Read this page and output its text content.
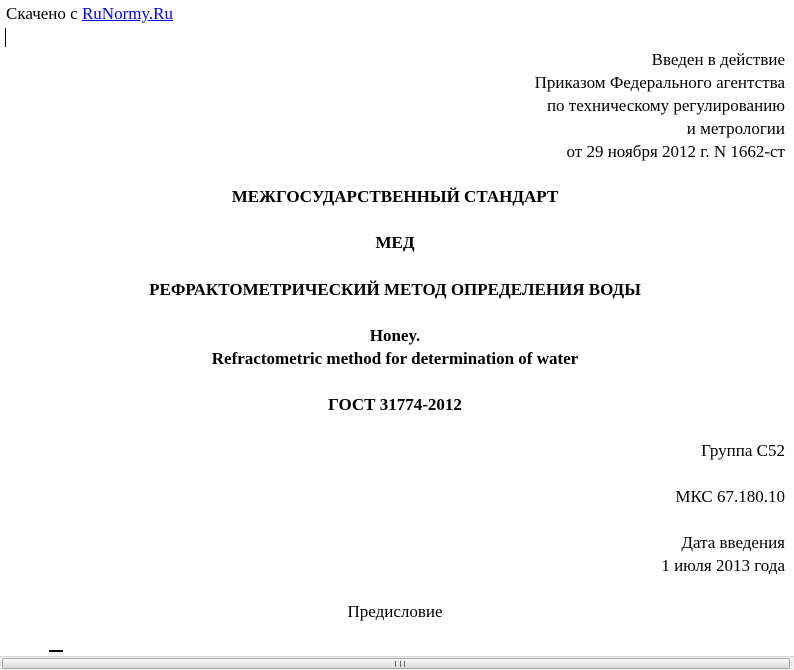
Скачено с RuNormy.Ru
Введен в действие
Приказом Федерального агентства
по техническому регулированию
и метрологии
от 29 ноября 2012 г. N 1662-ст
МЕЖГОСУДАРСТВЕННЫЙ СТАНДАРТ
МЕД
РЕФРАКТОМЕТРИЧЕСКИЙ МЕТОД ОПРЕДЕЛЕНИЯ ВОДЫ
Honey.
Refractometric method for determination of water
ГОСТ 31774-2012
Группа С52
МКС 67.180.10
Дата введения
1 июля 2013 года
Предисловие
